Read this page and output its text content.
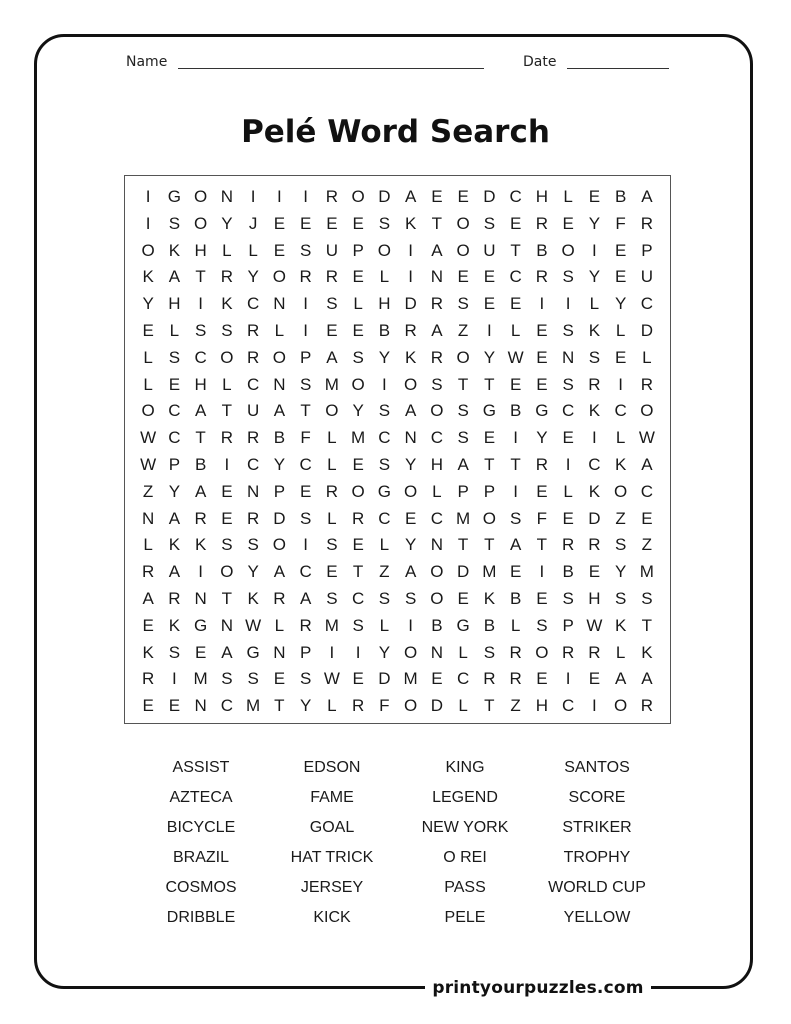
printyourpuzzles.com
Name	Date
Pelé Word Search
I	G O N	I	I	I	R O D A E E D C H L E B A
I	S O Y J E E E E S K T O S E R E Y F R
O K H L L E S U P O	I	A O U T B O	I	E P
K A T R Y O R R E L	I	N E E C R S Y E U
Y H	I	K C N	I	S L H D R S E E	I	I	L Y C
E L S S R L	I	E E B R A Z	I	L E S K L D
L S C O R O P A S Y K R O Y W E N S E L
L E H L C N S M O	I	O S T T E E S R	I	R
O C A T U A T O Y S A O S G B G C K C O
W C T R R B F L M C N C S E	I	Y E	I	L W
W P B	I	C Y C L E S Y H A T T R	I	C K A
Z Y A E N P E R O G O L P P	I	E L K O C
N A R E R D S L R C E C M O S F E D Z E
L K K S S O	I	S E L Y N T T A T R R S Z
R A	I	O Y A C E T Z A O D M E	I	B E Y M
A R N T K R A S C S S O E K B E S H S S
E K G N W L R M S L	I	B G B L S P W K T
K S E A G N P	I	I	Y O N L S R O R R L K
R	I M S S E S W E D M E C R R E	I	E A A
E E N C M T Y L R F O D L T Z H C	I	O R
ASSIST	EDSON	KING	SANTOS
AZTECA	FAME	LEGEND	SCORE
BICYCLE	GOAL	NEW YORK	STRIKER
BRAZIL	HAT TRICK	O REI	TROPHY
COSMOS	JERSEY	PASS	WORLD CUP
DRIBBLE	KICK	PELE	YELLOW
